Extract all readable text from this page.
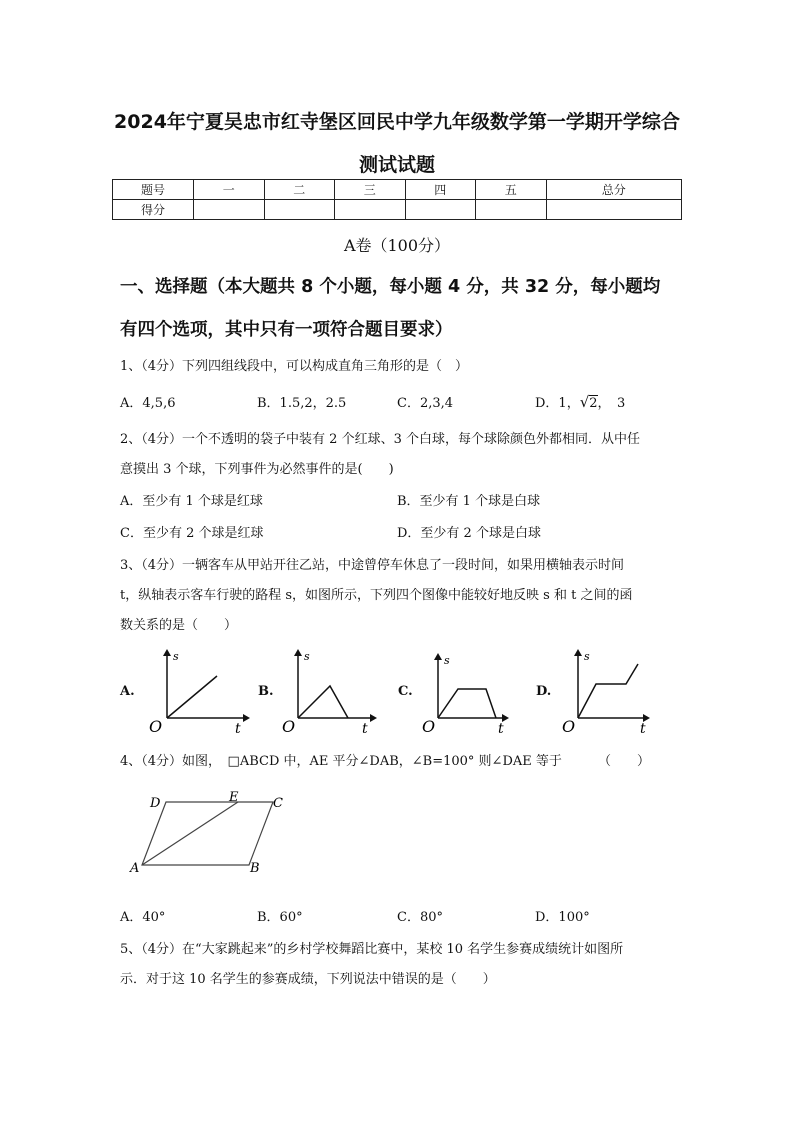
2024年宁夏吴忠市红寺堡区回民中学九年级数学第一学期开学综合
测试试题
题号	一	二	三	四	五	总分
得分						
A卷（100分）
一、选择题（本大题共 8 个小题，每小题 4 分，共 32 分，每小题均
有四个选项，其中只有一项符合题目要求）
1、（4分）下列四组线段中，可以构成直角三角形的是（　）
A．4,5,6	B．1.5,2，2.5	C．2,3,4	D．1，√2，　3
2、（4分）一个不透明的袋子中装有 2 个红球、3 个白球，每个球除颜色外都相同．从中任
意摸出 3 个球，下列事件为必然事件的是(　　)
A．至少有 1 个球是红球	B．至少有 1 个球是白球
C．至少有 2 个球是红球	D．至少有 2 个球是白球
3、（4分）一辆客车从甲站开往乙站，中途曾停车休息了一段时间，如果用横轴表示时间
t，纵轴表示客车行驶的路程 s，如图所示，下列四个图像中能较好地反映 s 和 t 之间的函
数关系的是（　　）
A.	B.	C.	D.
s
t
O
s
t
O
s
t
O
s
t
O
4、（4分）如图，　□ABCD 中，AE 平分∠DAB，∠B=100° 则∠DAE 等于	（　　）
D	E	C
A	B
A．40°	B．60°	C．80°	D．100°
5、（4分）在“大家跳起来”的乡村学校舞蹈比赛中，某校 10 名学生参赛成绩统计如图所
示．对于这 10 名学生的参赛成绩，下列说法中错误的是（　　）
